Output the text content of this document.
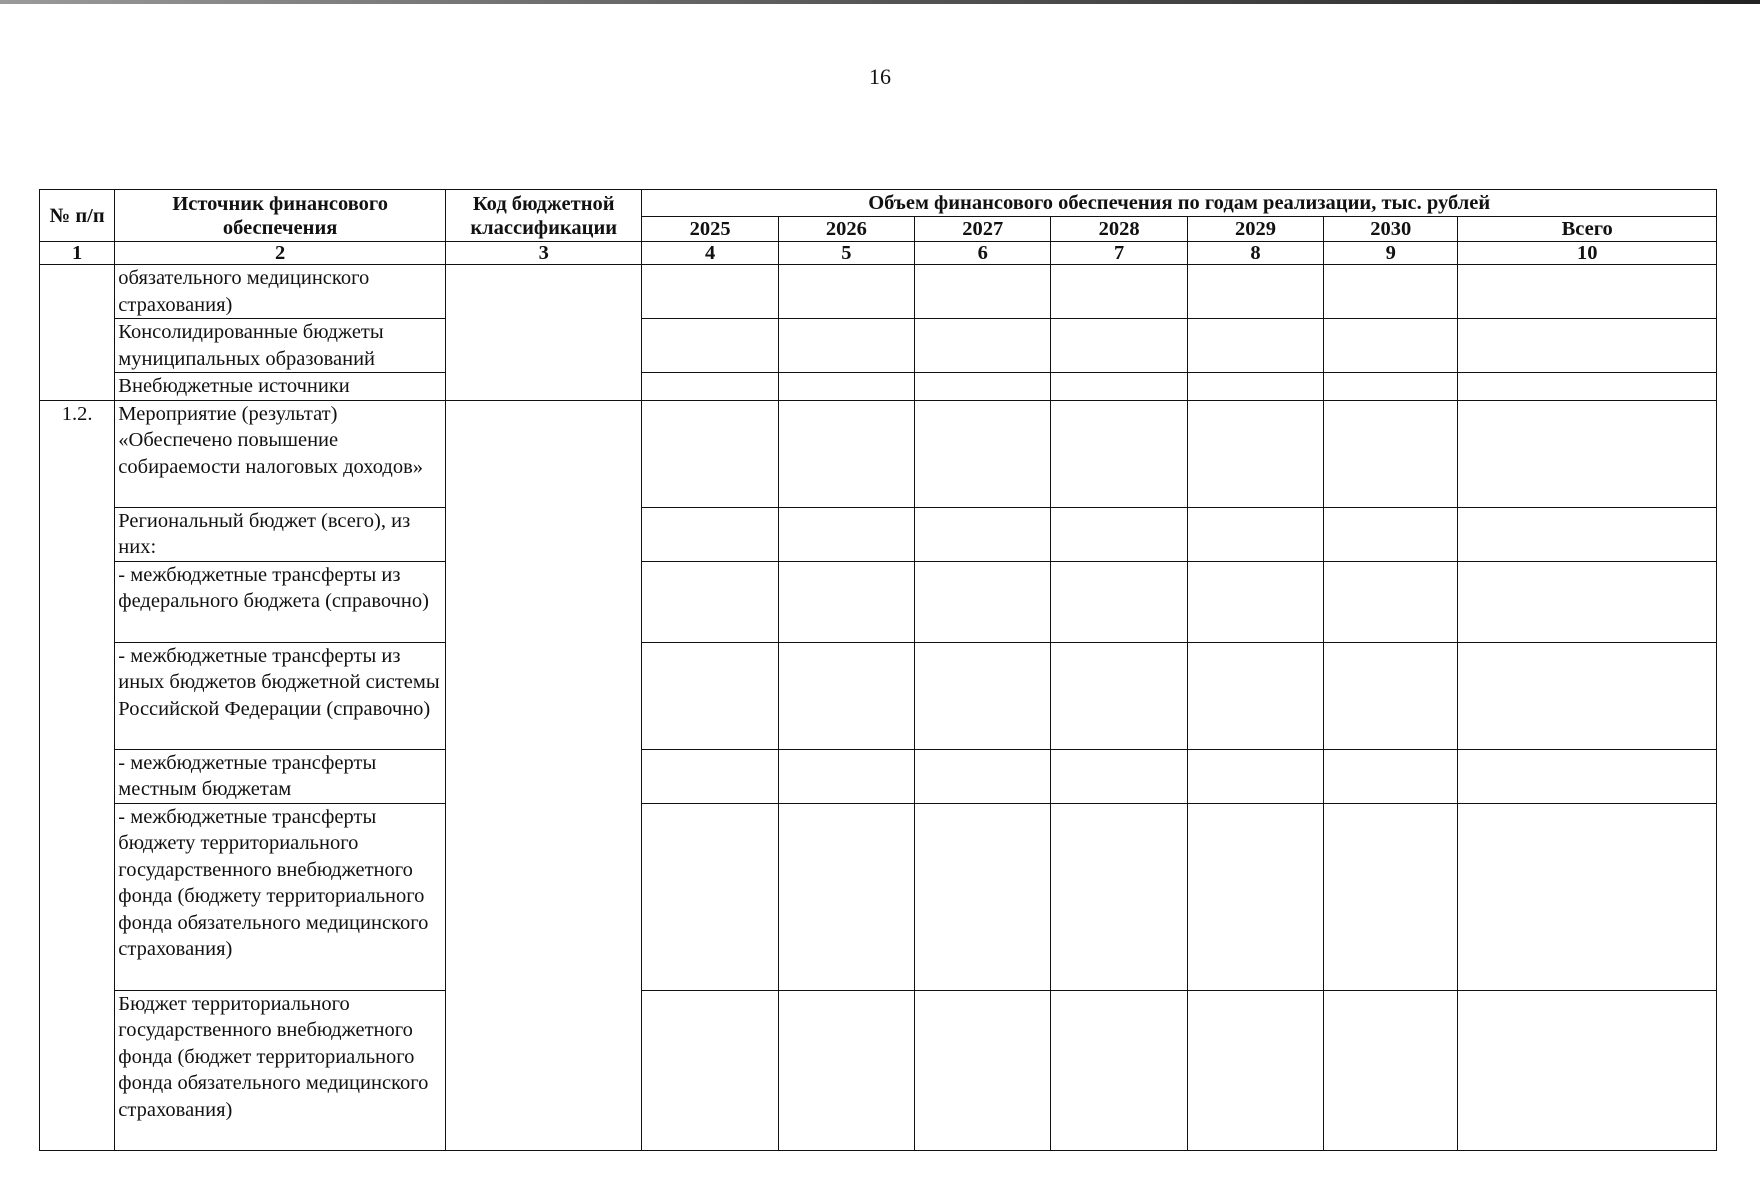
16
№ п/п	Источник финансового обеспечения	Код бюджетной классификации	Объем финансового обеспечения по годам реализации, тыс. рублей						
			2025	2026	2027	2028	2029	2030	Всего
1	2	3	4	5	6	7	8	9	10
	обязательного медицинского страхования)								
	Консолидированные бюджеты муниципальных образований								
	Внебюджетные источники								
1.2.	Мероприятие (результат) «Обеспечено повышение собираемости налоговых доходов»								
	Региональный бюджет (всего), из них:								
	- межбюджетные трансферты из федерального бюджета (справочно)								
	- межбюджетные трансферты из иных бюджетов бюджетной системы Российской Федерации (справочно)								
	- межбюджетные трансферты местным бюджетам								
	- межбюджетные трансферты бюджету территориального государственного внебюджетного фонда (бюджету территориального фонда обязательного медицинского страхования)								
	Бюджет территориального государственного внебюджетного фонда (бюджет территориального фонда обязательного медицинского страхования)								
